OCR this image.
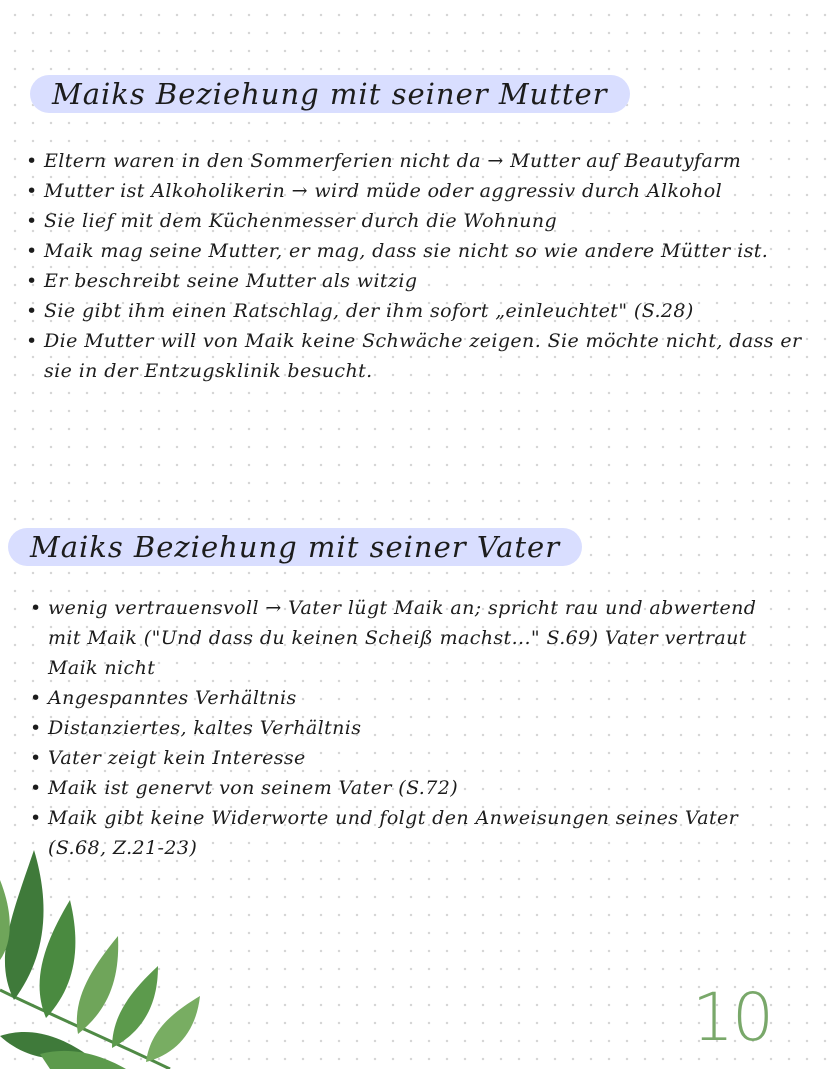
Maiks Beziehung mit seiner Mutter
• Eltern waren in den Sommerferien nicht da → Mutter auf Beautyfarm
• Mutter ist Alkoholikerin → wird müde oder aggressiv durch Alkohol
• Sie lief mit dem Küchenmesser durch die Wohnung
• Maik mag seine Mutter, er mag, dass sie nicht so wie andere Mütter ist.
• Er beschreibt seine Mutter als witzig
• Sie gibt ihm einen Ratschlag, der ihm sofort „einleuchtet" (S.28)
• Die Mutter will von Maik keine Schwäche zeigen. Sie möchte nicht, dass er sie in der Entzugsklinik besucht.
Maiks Beziehung mit seiner Vater
• wenig vertrauensvoll → Vater lügt Maik an; spricht rau und abwertend mit Maik ("Und dass du keinen Scheiß machst..." S.69) Vater vertraut Maik nicht
• Angespanntes Verhältnis
• Distanziertes, kaltes Verhältnis
• Vater zeigt kein Interesse
• Maik ist genervt von seinem Vater (S.72)
• Maik gibt keine Widerworte und folgt den Anweisungen seines Vater (S.68, Z.21-23)
10
